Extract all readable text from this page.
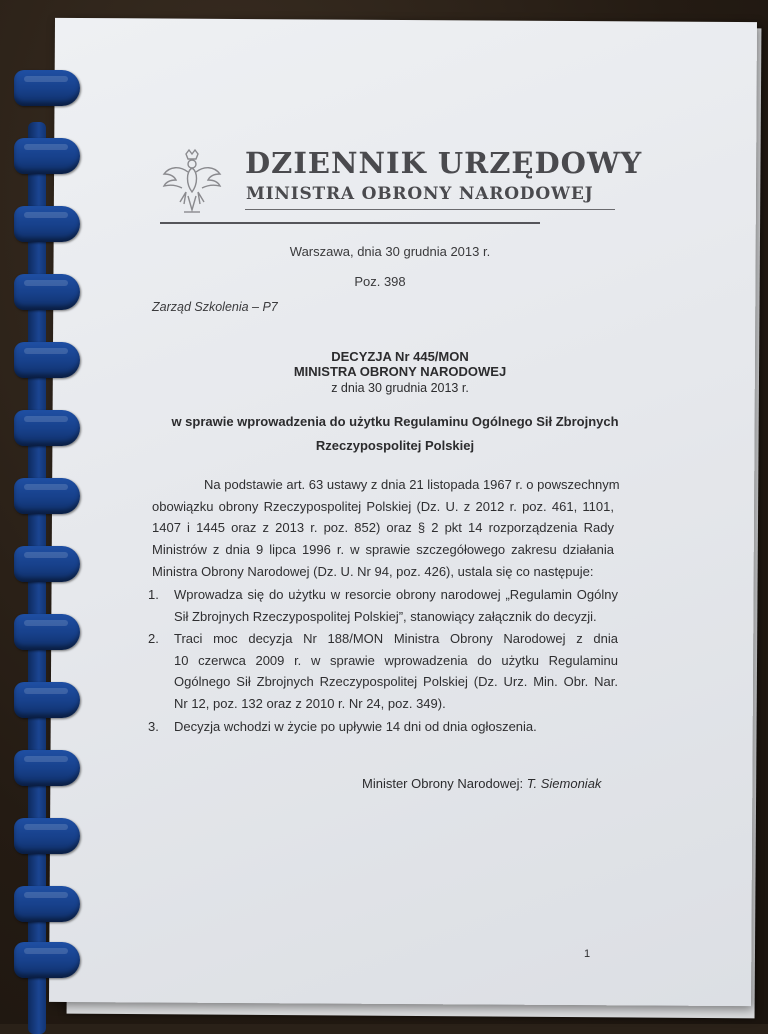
DZIENNIK URZĘDOWY
MINISTRA OBRONY NARODOWEJ
Warszawa, dnia 30 grudnia 2013 r.
Poz. 398
Zarząd Szkolenia – P7
DECYZJA Nr 445/MON
MINISTRA OBRONY NARODOWEJ
z dnia 30 grudnia 2013 r.
w sprawie wprowadzenia do użytku Regulaminu Ogólnego Sił Zbrojnych
Rzeczypospolitej Polskiej
Na podstawie art. 63 ustawy z dnia 21 listopada 1967 r. o powszechnym
obowiązku obrony Rzeczypospolitej Polskiej (Dz. U. z 2012 r. poz. 461, 1101,
1407 i 1445 oraz z 2013 r. poz. 852) oraz § 2 pkt 14 rozporządzenia Rady
Ministrów z dnia 9 lipca 1996 r. w sprawie szczegółowego zakresu działania
Ministra Obrony Narodowej (Dz. U. Nr 94, poz. 426), ustala się co następuje:
1. Wprowadza się do użytku w resorcie obrony narodowej „Regulamin Ogólny
Sił Zbrojnych Rzeczypospolitej Polskiej”, stanowiący załącznik do decyzji.
2. Traci moc decyzja Nr 188/MON Ministra Obrony Narodowej z dnia
10 czerwca 2009 r. w sprawie wprowadzenia do użytku Regulaminu
Ogólnego Sił Zbrojnych Rzeczypospolitej Polskiej (Dz. Urz. Min. Obr. Nar.
Nr 12, poz. 132 oraz z 2010 r. Nr 24, poz. 349).
3. Decyzja wchodzi w życie po upływie 14 dni od dnia ogłoszenia.
Minister Obrony Narodowej: T. Siemoniak
1
